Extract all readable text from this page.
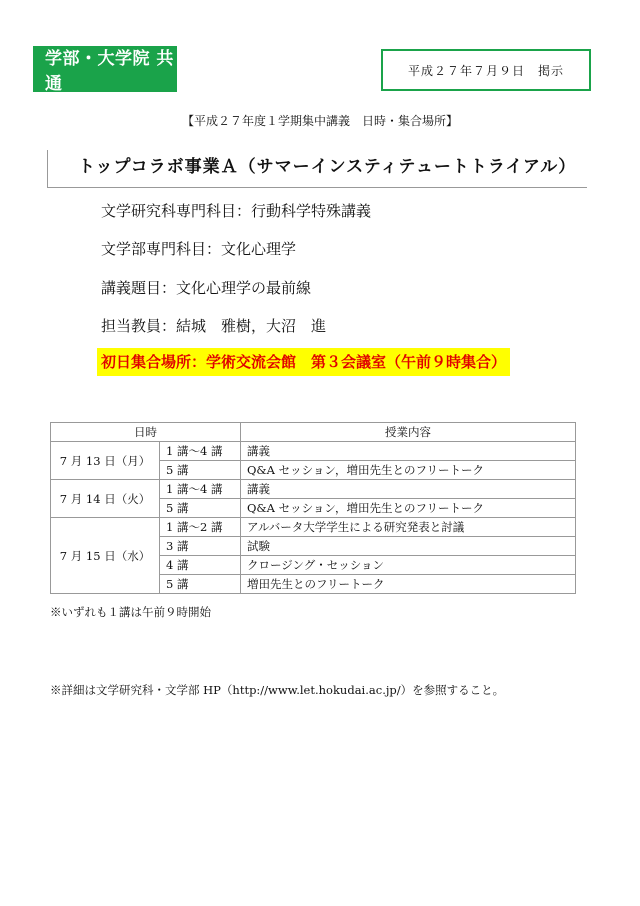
学部・大学院 共通
平成２７年７月９日　掲示
【平成２７年度１学期集中講義　日時・集合場所】
トップコラボ事業Ａ（サマーインスティテュートトライアル）
文学研究科専門科目：行動科学特殊講義
文学部専門科目：文化心理学
講義題目：文化心理学の最前線
担当教員：結城　雅樹，大沼　進
初日集合場所：学術交流会館　第３会議室（午前９時集合）
日時		授業内容
7 月 13 日（月）	1 講〜4 講	講義
	5 講	Q&A セッション，増田先生とのフリートーク
7 月 14 日（火）	1 講〜4 講	講義
	5 講	Q&A セッション，増田先生とのフリートーク
7 月 15 日（水）	1 講〜2 講	アルバータ大学学生による研究発表と討議
	3 講	試験
	4 講	クロージング・セッション
	5 講	増田先生とのフリートーク
※いずれも１講は午前９時開始
※詳細は文学研究科・文学部 HP（http://www.let.hokudai.ac.jp/）を参照すること。
